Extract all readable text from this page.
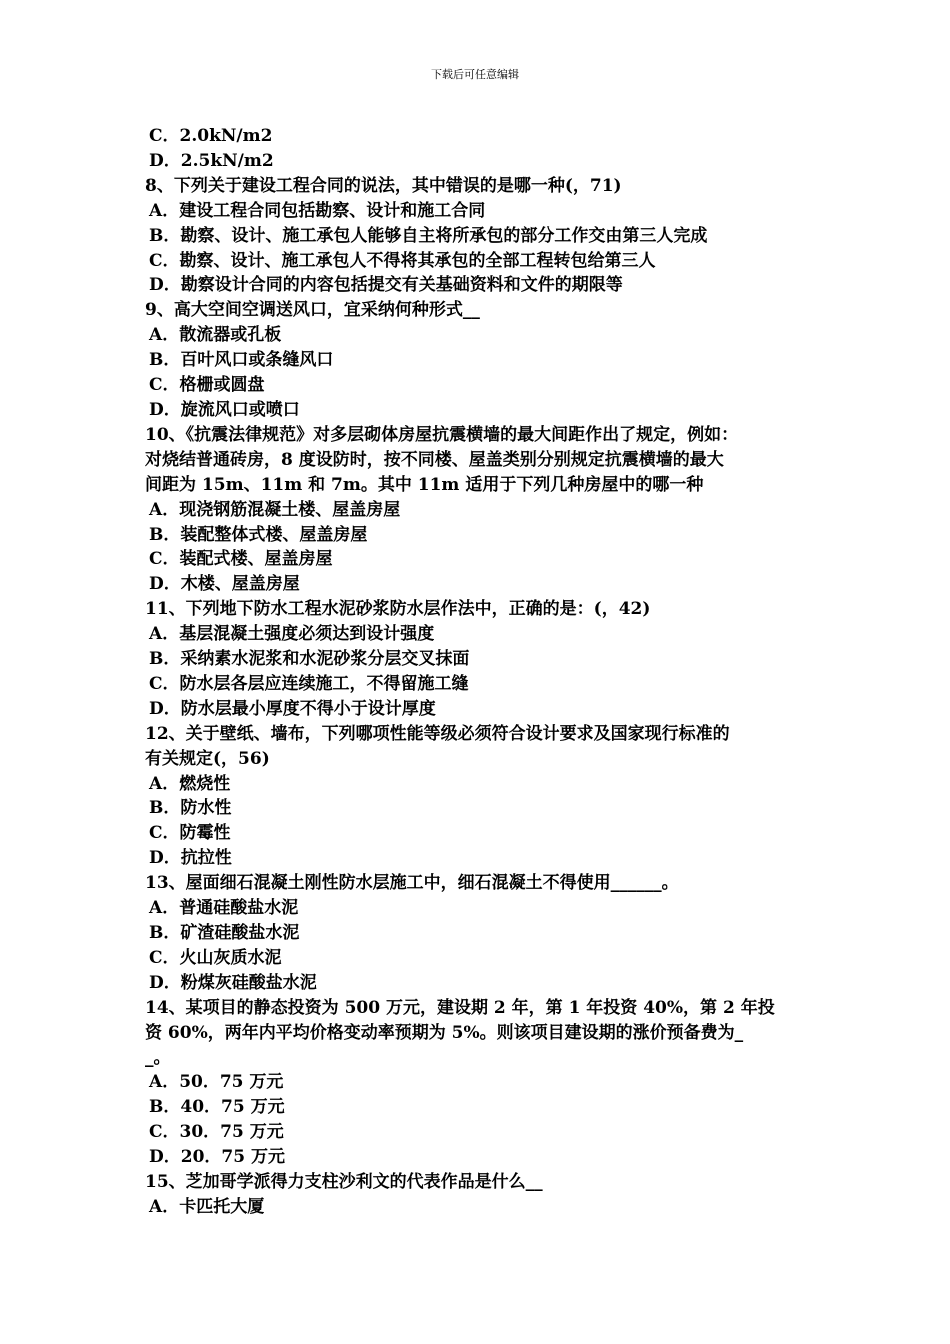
下载后可任意编辑
C．2.0kN/m2
D．2.5kN/m2
8、下列关于建设工程合同的说法，其中错误的是哪一种(，71)
A．建设工程合同包括勘察、设计和施工合同
B．勘察、设计、施工承包人能够自主将所承包的部分工作交由第三人完成
C．勘察、设计、施工承包人不得将其承包的全部工程转包给第三人
D．勘察设计合同的内容包括提交有关基础资料和文件的期限等
9、高大空间空调送风口，宜采纳何种形式__
A．散流器或孔板
B．百叶风口或条缝风口
C．格栅或圆盘
D．旋流风口或喷口
10、《抗震法律规范》对多层砌体房屋抗震横墙的最大间距作出了规定，例如：
对烧结普通砖房，8 度设防时，按不同楼、屋盖类别分别规定抗震横墙的最大
间距为 15m、11m 和 7m。其中 11m 适用于下列几种房屋中的哪一种
A．现浇钢筋混凝土楼、屋盖房屋
B．装配整体式楼、屋盖房屋
C．装配式楼、屋盖房屋
D．木楼、屋盖房屋
11、下列地下防水工程水泥砂浆防水层作法中，正确的是：(，42)
A．基层混凝土强度必须达到设计强度
B．采纳素水泥浆和水泥砂浆分层交叉抹面
C．防水层各层应连续施工，不得留施工缝
D．防水层最小厚度不得小于设计厚度
12、关于壁纸、墙布，下列哪项性能等级必须符合设计要求及国家现行标准的
有关规定(，56)
A．燃烧性
B．防水性
C．防霉性
D．抗拉性
13、屋面细石混凝土刚性防水层施工中，细石混凝土不得使用______。
A．普通硅酸盐水泥
B．矿渣硅酸盐水泥
C．火山灰质水泥
D．粉煤灰硅酸盐水泥
14、某项目的静态投资为 500 万元，建设期 2 年，第 1 年投资 40%，第 2 年投
资 60%，两年内平均价格变动率预期为 5%。则该项目建设期的涨价预备费为_
_。
A．50．75 万元
B．40．75 万元
C．30．75 万元
D．20．75 万元
15、芝加哥学派得力支柱沙利文的代表作品是什么__
A．卡匹托大厦
